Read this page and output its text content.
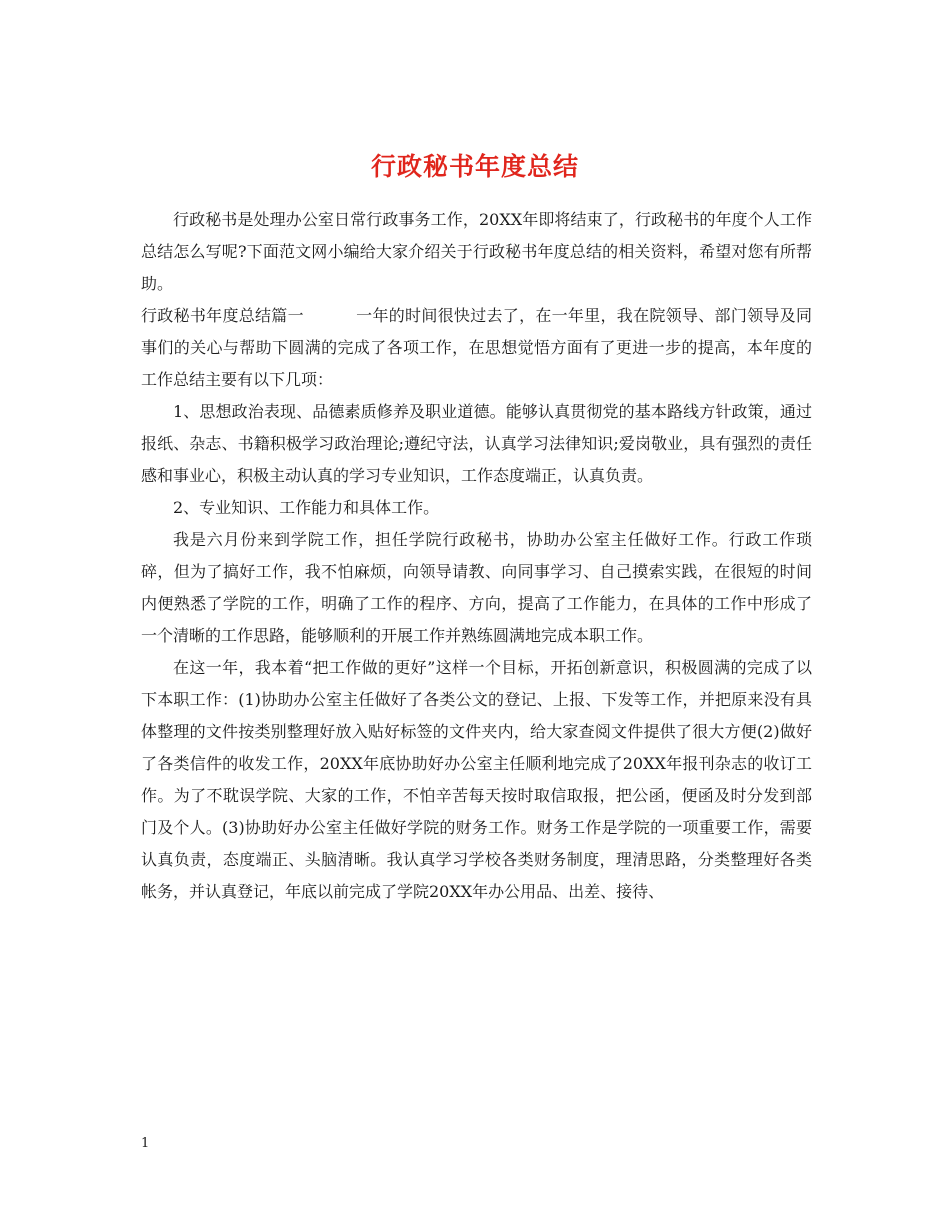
行政秘书年度总结

行政秘书是处理办公室日常行政事务工作，20XX年即将结束了，行政秘书的年度个人工作总结怎么写呢?下面范文网小编给大家介绍关于行政秘书年度总结的相关资料，希望对您有所帮助。

行政秘书年度总结篇一	一年的时间很快过去了，在一年里，我在院领导、部门领导及同事们的关心与帮助下圆满的完成了各项工作，在思想觉悟方面有了更进一步的提高，本年度的工作总结主要有以下几项：

1、思想政治表现、品德素质修养及职业道德。能够认真贯彻党的基本路线方针政策，通过报纸、杂志、书籍积极学习政治理论;遵纪守法，认真学习法律知识;爱岗敬业，具有强烈的责任感和事业心，积极主动认真的学习专业知识，工作态度端正，认真负责。

2、专业知识、工作能力和具体工作。

我是六月份来到学院工作，担任学院行政秘书，协助办公室主任做好工作。行政工作琐碎，但为了搞好工作，我不怕麻烦，向领导请教、向同事学习、自己摸索实践，在很短的时间内便熟悉了学院的工作，明确了工作的程序、方向，提高了工作能力，在具体的工作中形成了一个清晰的工作思路，能够顺利的开展工作并熟练圆满地完成本职工作。

在这一年，我本着“把工作做的更好”这样一个目标，开拓创新意识，积极圆满的完成了以下本职工作：(1)协助办公室主任做好了各类公文的登记、上报、下发等工作，并把原来没有具体整理的文件按类别整理好放入贴好标签的文件夹内，给大家查阅文件提供了很大方便(2)做好了各类信件的收发工作，20XX年底协助好办公室主任顺利地完成了20XX年报刊杂志的收订工作。为了不耽误学院、大家的工作，不怕辛苦每天按时取信取报，把公函，便函及时分发到部门及个人。(3)协助好办公室主任做好学院的财务工作。财务工作是学院的一项重要工作，需要认真负责，态度端正、头脑清晰。我认真学习学校各类财务制度，理清思路，分类整理好各类帐务，并认真登记，年底以前完成了学院20XX年办公用品、出差、接待、

1
